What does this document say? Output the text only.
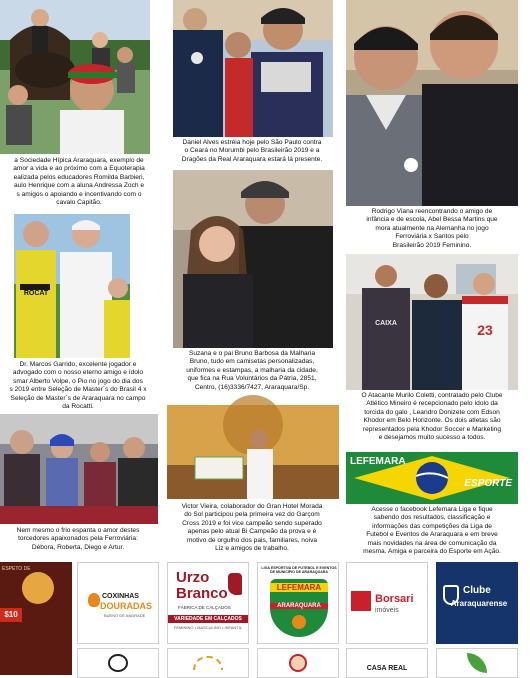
a Sociedade Hípica Araraquara, exemplo de
amor a vida e ao próximo com a Equoterapia
ealizada pelos educadores Romilda Barbieri,
aulo Henrique com a aluna Andressa Zoch e
s amigos o apoiando e incentivando com o
cavalo Capitão.
Daniel Alves estréia hoje pelo São Paulo contra
o Ceará no Morumbi pelo Brasileirão 2019 e a
Dragões da Real Araraquara estará lá presente.
Rodrigo Viana reencontrando o amigo de
infância e de escola, Abel Bessa Martins que
mora atualmente na Alemanha no jogo
Ferroviária x Santos pelo
Brasileirão 2019 Feminino.
ROCAT
Dr. Marcos Garrido, excelente jogador e
advogado com o nosso eterno amigo e ídolo
smar Alberto Volpe, o Pio no jogo do dia dos
s 2019 entre Seleção de Master´s do Brasil 4 x
Seleção de Master´s de Araraquara no campo
da Rocatti.
Suzana e o pai Bruno Barbosa da Malharia
Bruno, tudo em camisetas personalizadas,
uniformes e estampas, a malharia da cidade,
que fica na Rua Voluntários da Pátria, 2851,
Centro, (16)3336/7427, Araraquara/Sp.
CAIXA	23
O Atacante Murilo Coletti, contratado pelo Clube
Atlético Mineiro é recepcionado pelo ídolo da
torcida do galo , Leandro Donizete com Edson
Khodor em Belo Horizonte. Os dois atletas são
representados pela Khodor Soccer e Marketing
e desejamos muito sucesso a todos.
Nem mesmo o frio espanta o amor destes
torcedores apaixonados pela Ferroviária:
Débora, Roberta, Diego e Artur.
Victor Vieira, colaborador do Gran Hotel Morada
do Sol participou pela primeira vez do Garçom
Cross 2019 e foi vice campeão sendo superado
apenas pelo atual Bi Campeão da prova e é
motivo de orgulho dos pais, familiares, noiva
Liz e amigos de trabalho.
LEFEMARA
ESPORTE
Acesse o facebook Lefemara Liga e fique
sabendo dos resultados, classificação e
informações das competições da Liga de
Futebol e Eventos de Araraquara e em breve
mais novidades na área de comunicação da
mesma. Amiga e parceira do Esporte em Ação.
ESPETO DE
$10
COXINHAS
DOURADAS
BUENO DE ANDRADE
Urzo
Branco
FÁBRICA DE CALÇADOS
VARIEDADE EM CALÇADOS
FEMININO • MASCULINO • INFANTIL
LIGA ESPORTIVA DE FUTEBOL E EVENTOS DE MUNICÍPIO DE ARARAQUARA
LEFEMARA
ARARAQUARA
Borsari
imóveis
CASA REAL
Clube
Araraquarense
